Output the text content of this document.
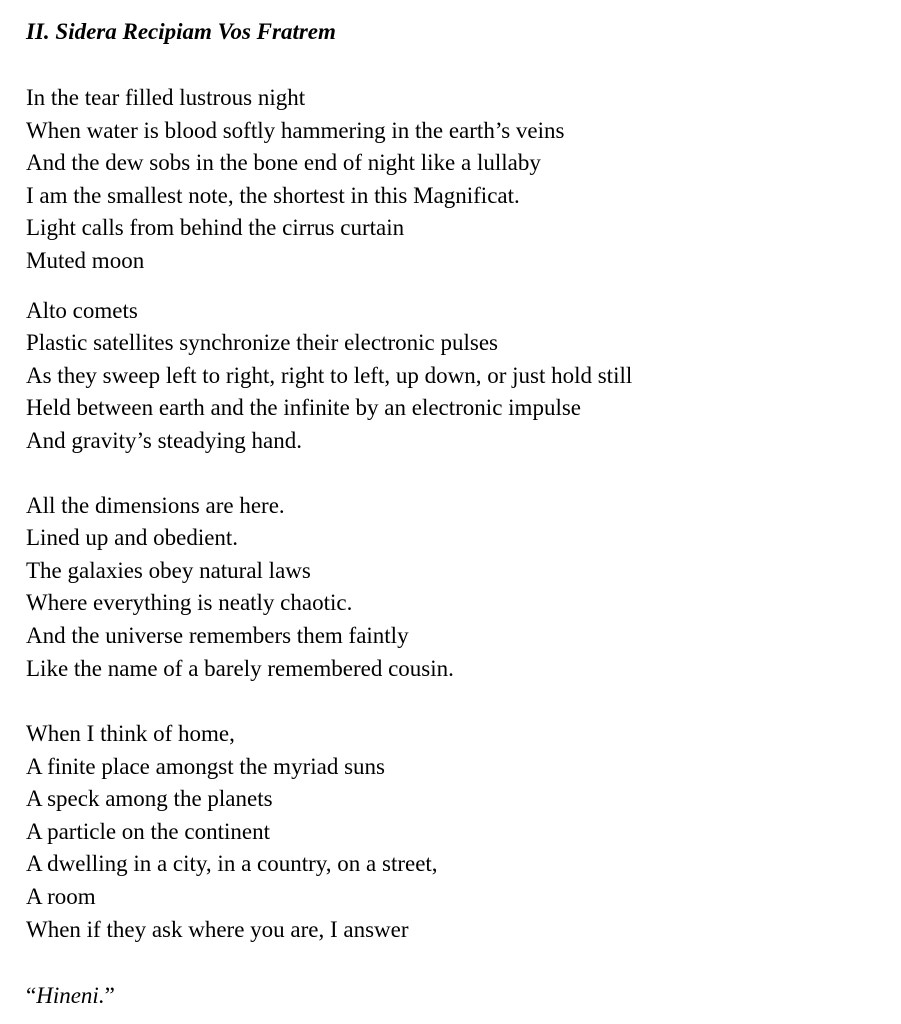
II. Sidera Recipiam Vos Fratrem
In the tear filled lustrous night
When water is blood softly hammering in the earth’s veins
And the dew sobs in the bone end of night like a lullaby
I am the smallest note, the shortest in this Magnificat.
Light calls from behind the cirrus curtain
Muted moon
Alto comets
Plastic satellites synchronize their electronic pulses
As they sweep left to right, right to left, up down, or just hold still
Held between earth and the infinite by an electronic impulse
And gravity’s steadying hand.
All the dimensions are here.
Lined up and obedient.
The galaxies obey natural laws
Where everything is neatly chaotic.
And the universe remembers them faintly
Like the name of a barely remembered cousin.
When I think of home,
A finite place amongst the myriad suns
A speck among the planets
A particle on the continent
A dwelling in a city, in a country, on a street,
A room
When if they ask where you are, I answer
“Hineni.”
